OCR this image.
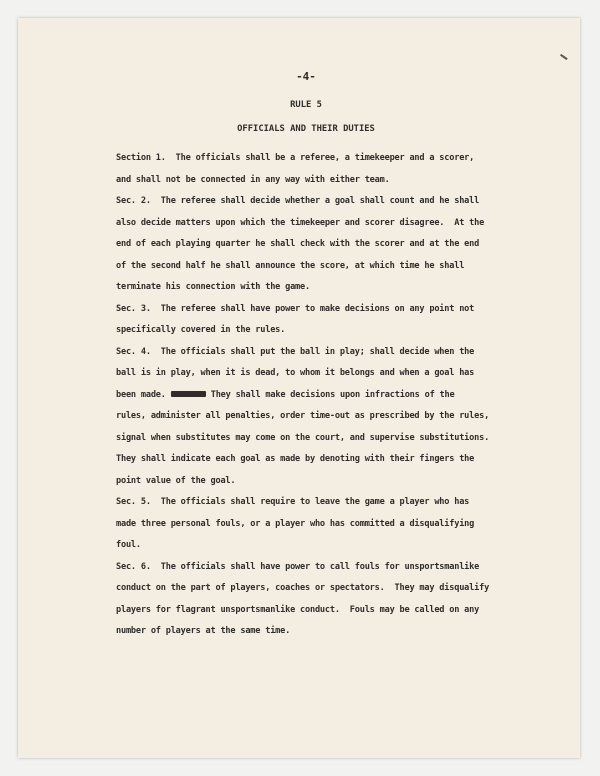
-4-
RULE 5
OFFICIALS AND THEIR DUTIES
Section 1.  The officials shall be a referee, a timekeeper and a scorer,
and shall not be connected in any way with either team.
Sec. 2.  The referee shall decide whether a goal shall count and he shall
also decide matters upon which the timekeeper and scorer disagree.  At the
end of each playing quarter he shall check with the scorer and at the end
of the second half he shall announce the score, at which time he shall
terminate his connection with the game.
Sec. 3.  The referee shall have power to make decisions on any point not
specifically covered in the rules.
Sec. 4.  The officials shall put the ball in play; shall decide when the
ball is in play, when it is dead, to whom it belongs and when a goal has
been made.	They shall make decisions upon infractions of the
rules, administer all penalties, order time-out as prescribed by the rules,
signal when substitutes may come on the court, and supervise substitutions.
They shall indicate each goal as made by denoting with their fingers the
point value of the goal.
Sec. 5.  The officials shall require to leave the game a player who has
made three personal fouls, or a player who has committed a disqualifying
foul.
Sec. 6.  The officials shall have power to call fouls for unsportsmanlike
conduct on the part of players, coaches or spectators.  They may disqualify
players for flagrant unsportsmanlike conduct.  Fouls may be called on any
number of players at the same time.
